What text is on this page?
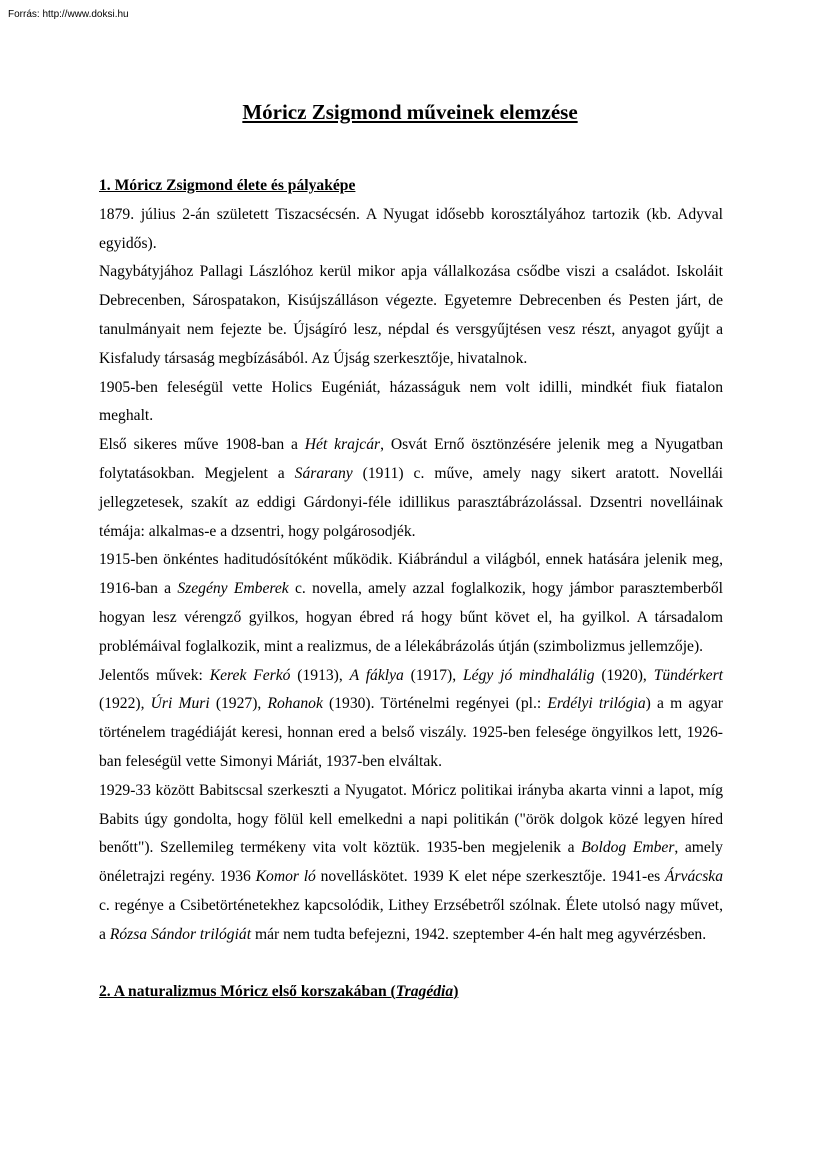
Forrás: http://www.doksi.hu
Móricz Zsigmond műveinek elemzése
1. Móricz Zsigmond élete és pályaképe

1879. július 2-án született Tiszacsécsén. A Nyugat idősebb korosztályához tartozik (kb. Adyval egyidős).

Nagybátyjához Pallagi Lászlóhoz kerül mikor apja vállalkozása csődbe viszi a családot. Iskoláit Debrecenben, Sárospatakon, Kisújszálláson végezte. Egyetemre Debrecenben és Pesten járt, de tanulmányait nem fejezte be. Újságíró lesz, népdal és versgyűjtésen vesz részt, anyagot gyűjt a Kisfaludy társaság megbízásából. Az Újság szerkesztője, hivatalnok.

1905-ben feleségül vette Holics Eugéniát, házasságuk nem volt idilli, mindkét fiuk fiatalon meghalt.

Első sikeres műve 1908-ban a Hét krajcár, Osvát Ernő ösztönzésére jelenik meg a Nyugatban folytatásokban. Megjelent a Sárarany (1911) c. műve, amely nagy sikert aratott. Novellái jellegzetesek, szakít az eddigi Gárdonyi-féle idillikus parasztábrázolással. Dzsentri novelláinak témája: alkalmas-e a dzsentri, hogy polgárosodjék.

1915-ben önkéntes haditudósítóként működik. Kiábrándul a világból, ennek hatására jelenik meg, 1916-ban a Szegény Emberek c. novella, amely azzal foglalkozik, hogy jámbor parasztemberből hogyan lesz vérengző gyilkos, hogyan ébred rá hogy bűnt követ el, ha gyilkol. A társadalom problémáival foglalkozik, mint a realizmus, de a lélekábrázolás útján (szimbolizmus jellemzője).

Jelentős művek: Kerek Ferkó (1913), A fáklya (1917), Légy jó mindhalálig (1920), Tündérkert (1922), Úri Muri (1927), Rohanok (1930). Történelmi regényei (pl.: Erdélyi trilógia) a m agyar történelem tragédiáját keresi, honnan ered a belső viszály. 1925-ben felesége öngyilkos lett, 1926-ban feleségül vette Simonyi Máriát, 1937-ben elváltak.

1929-33 között Babitscsal szerkeszti a Nyugatot. Móricz politikai irányba akarta vinni a lapot, míg Babits úgy gondolta, hogy fölül kell emelkedni a napi politikán ("örök dolgok közé legyen híred benőtt"). Szellemileg termékeny vita volt köztük. 1935-ben megjelenik a Boldog Ember, amely önéletrajzi regény. 1936 Komor ló novelláskötet. 1939 K elet népe szerkesztője. 1941-es Árvácska c. regénye a Csibetörténetekhez kapcsolódik, Lithey Erzsébetről szólnak. Élete utolsó nagy művet, a Rózsa Sándor trilógiát már nem tudta befejezni, 1942. szeptember 4-én halt meg agyvérzésben.

2. A naturalizmus Móricz első korszakában (Tragédia)
